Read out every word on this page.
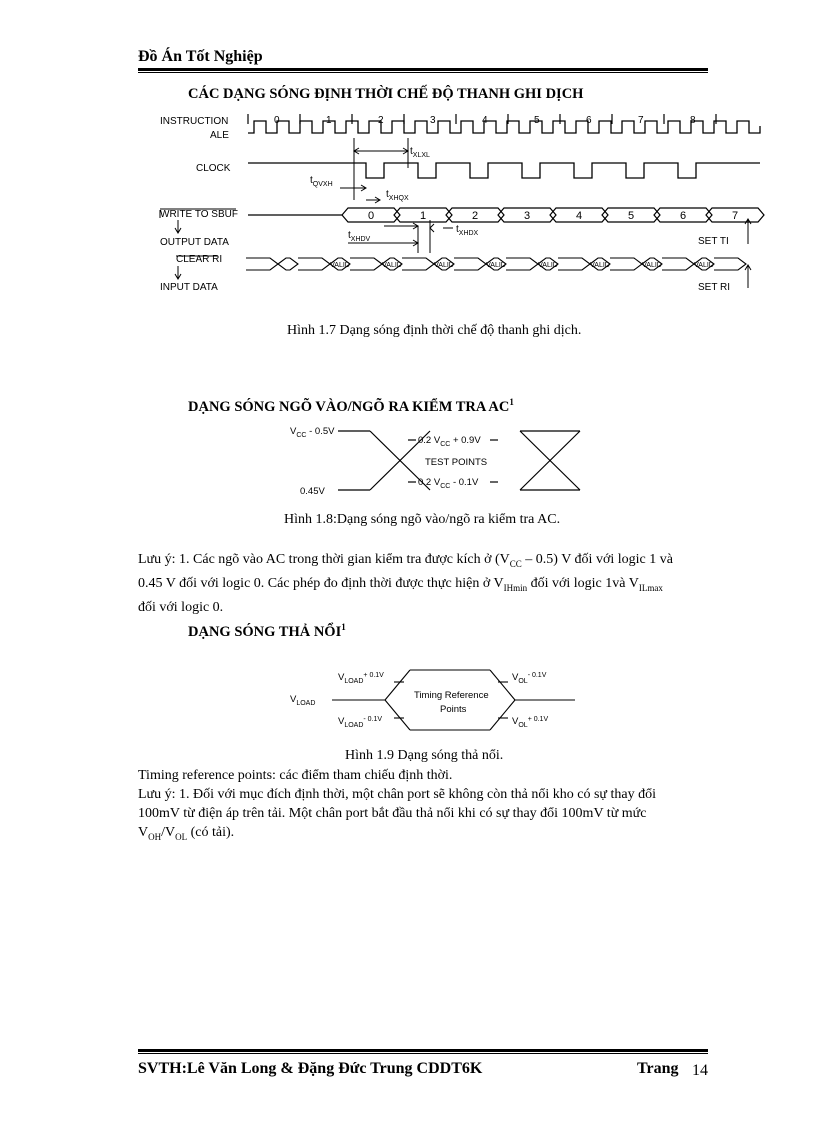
Đồ Án Tốt Nghiệp
CÁC DẠNG SÓNG ĐỊNH THỜI CHẾ ĐỘ THANH GHI DỊCH
INSTRUCTION
ALE
CLOCK
WRITE TO SBUF
OUTPUT DATA
CLEAR RI
INPUT DATA
0	1	2	3	4	5	6	7	8
0	1	2	3	4	5	6	7
VALID	VALID	VALID	VALID	VALID	VALID	VALID	VALID
$t_{XLXL}$
$t_{QVXH}$
$t_{XHQX}$
$t_{XHDX}$
$t_{XHDV}$	SET TI
SET RI
Hình 1.7 Dạng sóng định thời chế độ thanh ghi dịch.
DẠNG SÓNG NGÕ VÀO/NGÕ RA KIỂM TRA $AC^1$
$V_{CC} - 0.5V$
0.45V
0.2 $V_{CC} + 0.9V$
TEST POINTS
0.2 $V_{CC} - 0.1V$
Hình 1.8:Dạng sóng ngõ vào/ngõ ra kiểm tra AC.
Lưu ý: 1. Các ngõ vào AC trong thời gian kiểm tra được kích ở $(V_{CC} - 0.5)$ V đối với logic 1 và
0.45 V đối với logic 0. Các phép đo định thời được thực hiện ở $V_{IHmin}$ đối với logic 1và $V_{ILmax}$
đối với logic 0.
DẠNG SÓNG THẢ NỔI$^1$
$V_{LOAD}^{+ 0.1V}$
$V_{LOAD}$
$V_{LOAD}^{- 0.1V}$
Timing Reference
Points
$V_{OL}^{- 0.1V}$
$V_{OL}^{+ 0.1V}$
Hình 1.9 Dạng sóng thả nổi.
Timing reference points: các điểm tham chiếu định thời.
Lưu ý: 1. Đối với mục đích định thời, một chân port sẽ không còn thả nổi kho có sự thay đổi
100mV từ điện áp trên tải. Một chân port bắt đầu thả nổi khi có sự thay đổi 100mV từ mức
$V_{OH}/V_{OL}$ (có tải).
SVTH:Lê Văn Long & Đặng Đức Trung CDDT6K	Trang 14
